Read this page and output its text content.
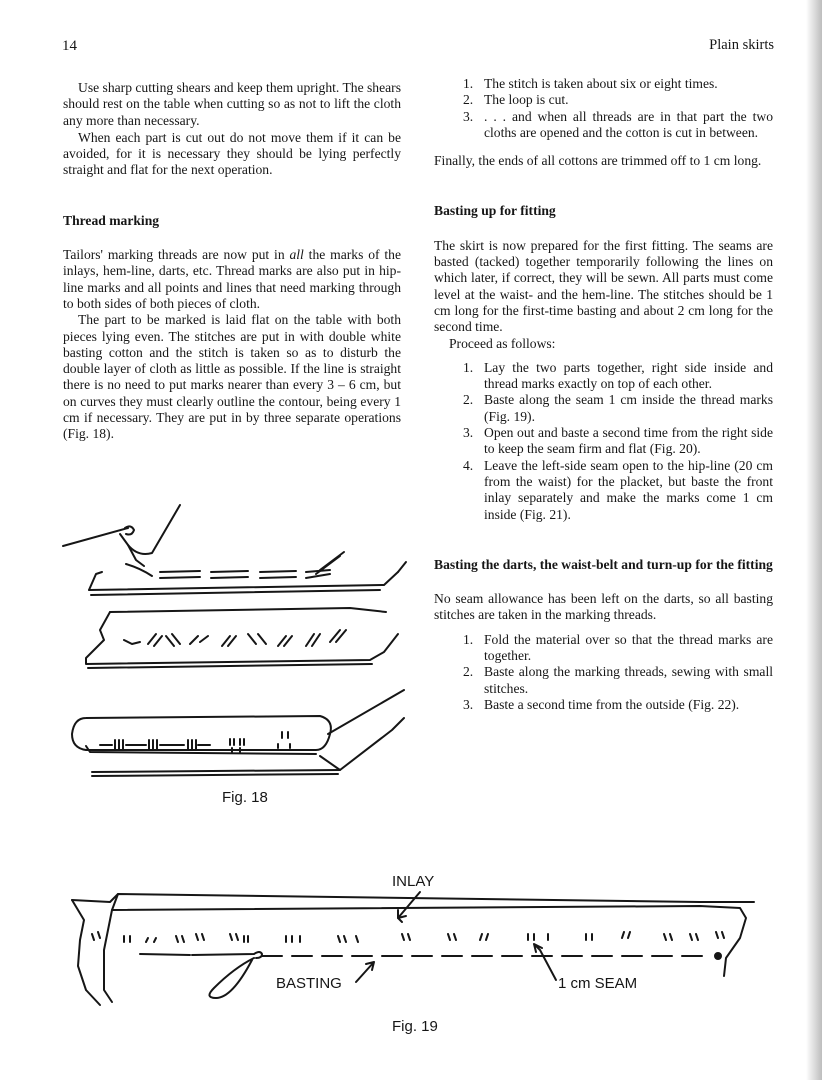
14	Plain skirts

Use sharp cutting shears and keep them upright. The shears should rest on the table when cutting so as not to lift the cloth any more than necessary.

When each part is cut out do not move them if it can be avoided, for it is necessary they should be lying perfectly straight and flat for the next operation.

Thread marking

Tailors' marking threads are now put in all the marks of the inlays, hem-line, darts, etc. Thread marks are also put in hip-line marks and all points and lines that need marking through to both sides of both pieces of cloth.

The part to be marked is laid flat on the table with both pieces lying even. The stitches are put in with double white basting cotton and the stitch is taken so as to disturb the double layer of cloth as little as possible. If the line is straight there is no need to put marks nearer than every 3 – 6 cm, but on curves they must clearly outline the contour, being every 1 cm if necessary. They are put in by three separate operations (Fig. 18).

1. The stitch is taken about six or eight times.
2. The loop is cut.
3. . . . and when all threads are in that part the two cloths are opened and the cotton is cut in between.

Finally, the ends of all cottons are trimmed off to 1 cm long.

Basting up for fitting

The skirt is now prepared for the first fitting. The seams are basted (tacked) together temporarily following the lines on which later, if correct, they will be sewn. All parts must come level at the waist- and the hem-line. The stitches should be 1 cm long for the first-time basting and about 2 cm long for the second time.

Proceed as follows:

1. Lay the two parts together, right side inside and thread marks exactly on top of each other.
2. Baste along the seam 1 cm inside the thread marks (Fig. 19).
3. Open out and baste a second time from the right side to keep the seam firm and flat (Fig. 20).
4. Leave the left-side seam open to the hip-line (20 cm from the waist) for the placket, but baste the front inlay separately and make the marks come 1 cm inside (Fig. 21).

Basting the darts, the waist-belt and turn-up for the fitting

No seam allowance has been left on the darts, so all basting stitches are taken in the marking threads.

1. Fold the material over so that the thread marks are together.
2. Baste along the marking threads, sewing with small stitches.
3. Baste a second time from the outside (Fig. 22).
INLAY
BASTING	1 cm SEAM
Fig. 18
Fig. 19
